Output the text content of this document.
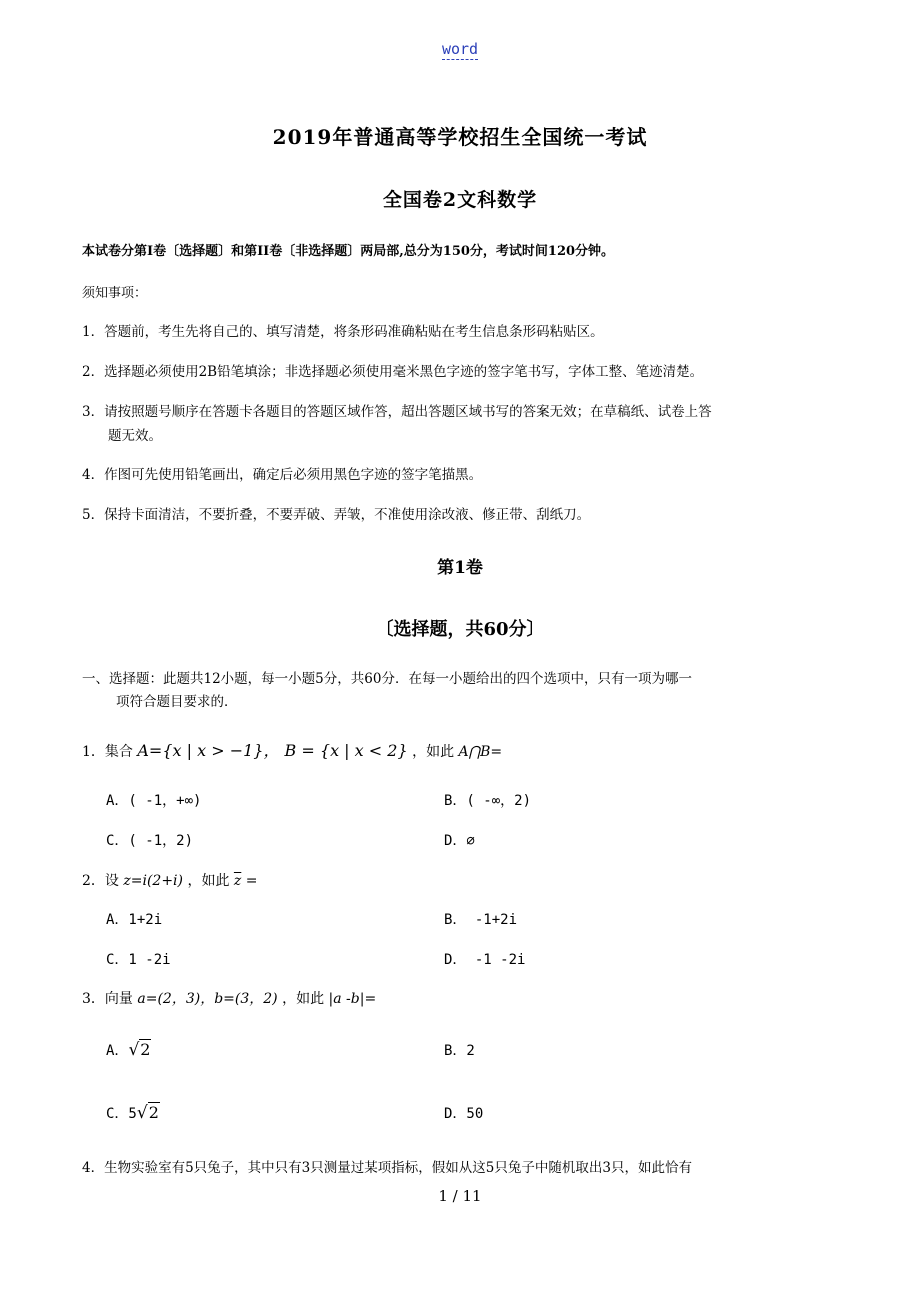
word
2019年普通高等学校招生全国统一考试
全国卷2文科数学
本试卷分第Ⅰ卷〔选择题〕和第II卷〔非选择题〕两局部,总分为150分，考试时间120分钟。
须知事项：
1．答题前，考生先将自己的、填写清楚，将条形码准确粘贴在考生信息条形码粘贴区。
2．选择题必须使用2B铅笔填涂；非选择题必须使用毫米黑色字迹的签字笔书写，字体工整、笔迹清楚。
3．请按照题号顺序在答题卡各题目的答题区域作答，超出答题区域书写的答案无效；在草稿纸、试卷上答
题无效。
4．作图可先使用铅笔画出，确定后必须用黑色字迹的签字笔描黑。
5．保持卡面清洁，不要折叠，不要弄破、弄皱，不准使用涂改液、修正带、刮纸刀。
第1卷
〔选择题，共60分〕
一、选择题：此题共12小题，每一小题5分，共60分．在每一小题给出的四个选项中，只有一项为哪一
项符合题目要求的．
1．集合 A={x | x > −1}， B = {x | x < 2} ，如此 A⋂B=
A．( -1，+∞)	B．( -∞，2)
C．( -1，2)	D．∅
2．设 z=i(2+i) ，如此 $\overline{z}$ =
A．1+2i	B． -1+2i
C．1 -2i	D． -1 -2i
3．向量 a=(2，3)，b=(3，2) ，如此 |a -b|=
A．√2	B．2
C．5√2	D．50
4．生物实验室有5只兔子，其中只有3只测量过某项指标，假如从这5只兔子中随机取出3只，如此恰有
1 / 11
